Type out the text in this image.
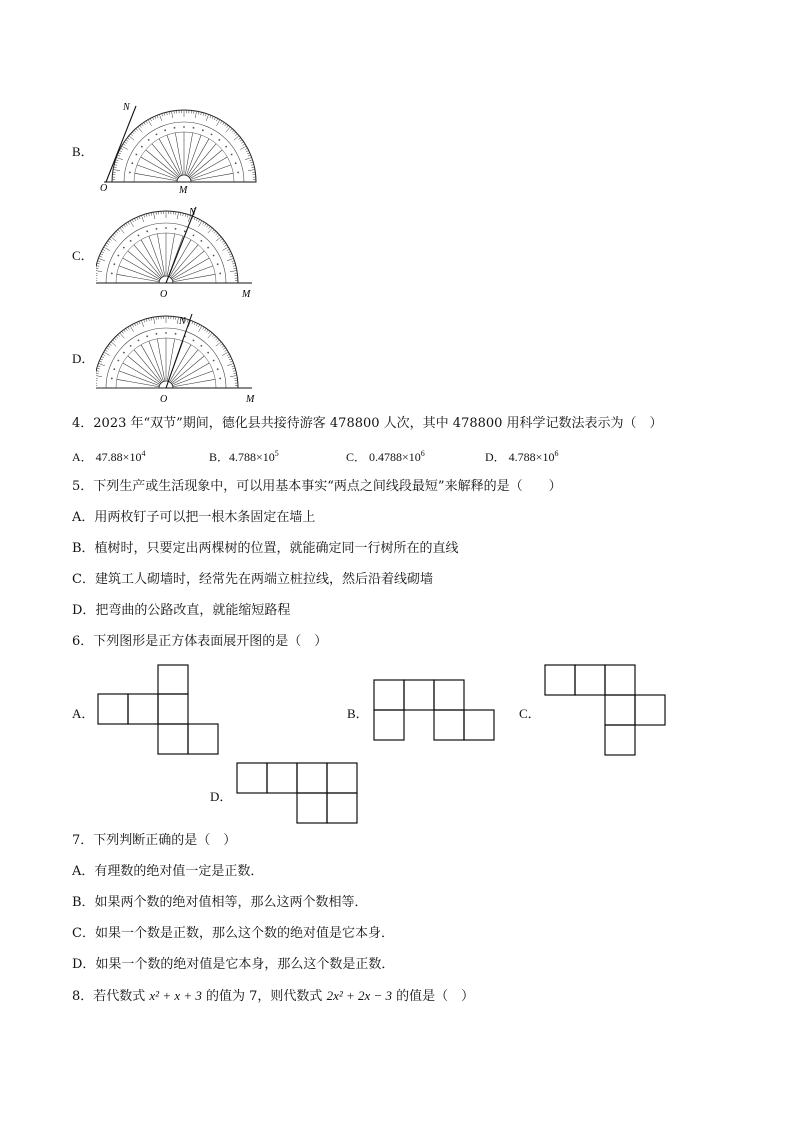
B．
O	M
N
C．
O	M
N
D．
O	M
N
4．2023 年“双节”期间，德化县共接待游客 478800 人次，其中 478800 用科学记数法表示为（　）
A． $47.88\times 10^4$	B．$4.788\times 10^5$	C． $0.4788\times 10^6$	D． $4.788\times 10^6$
5．下列生产或生活现象中，可以用基本事实“两点之间线段最短”来解释的是（　　）
A．用两枚钉子可以把一根木条固定在墙上
B．植树时，只要定出两棵树的位置，就能确定同一行树所在的直线
C．建筑工人砌墙时，经常先在两端立桩拉线，然后沿着线砌墙
D．把弯曲的公路改直，就能缩短路程
6．下列图形是正方体表面展开图的是（　）
A．	B．	C．
D．
7．下列判断正确的是（　）
A．有理数的绝对值一定是正数．
B．如果两个数的绝对值相等，那么这两个数相等．
C．如果一个数是正数，那么这个数的绝对值是它本身．
D．如果一个数的绝对值是它本身，那么这个数是正数．
8．若代数式 x² + x + 3 的值为 7，则代数式 2x² + 2x − 3 的值是（　）
